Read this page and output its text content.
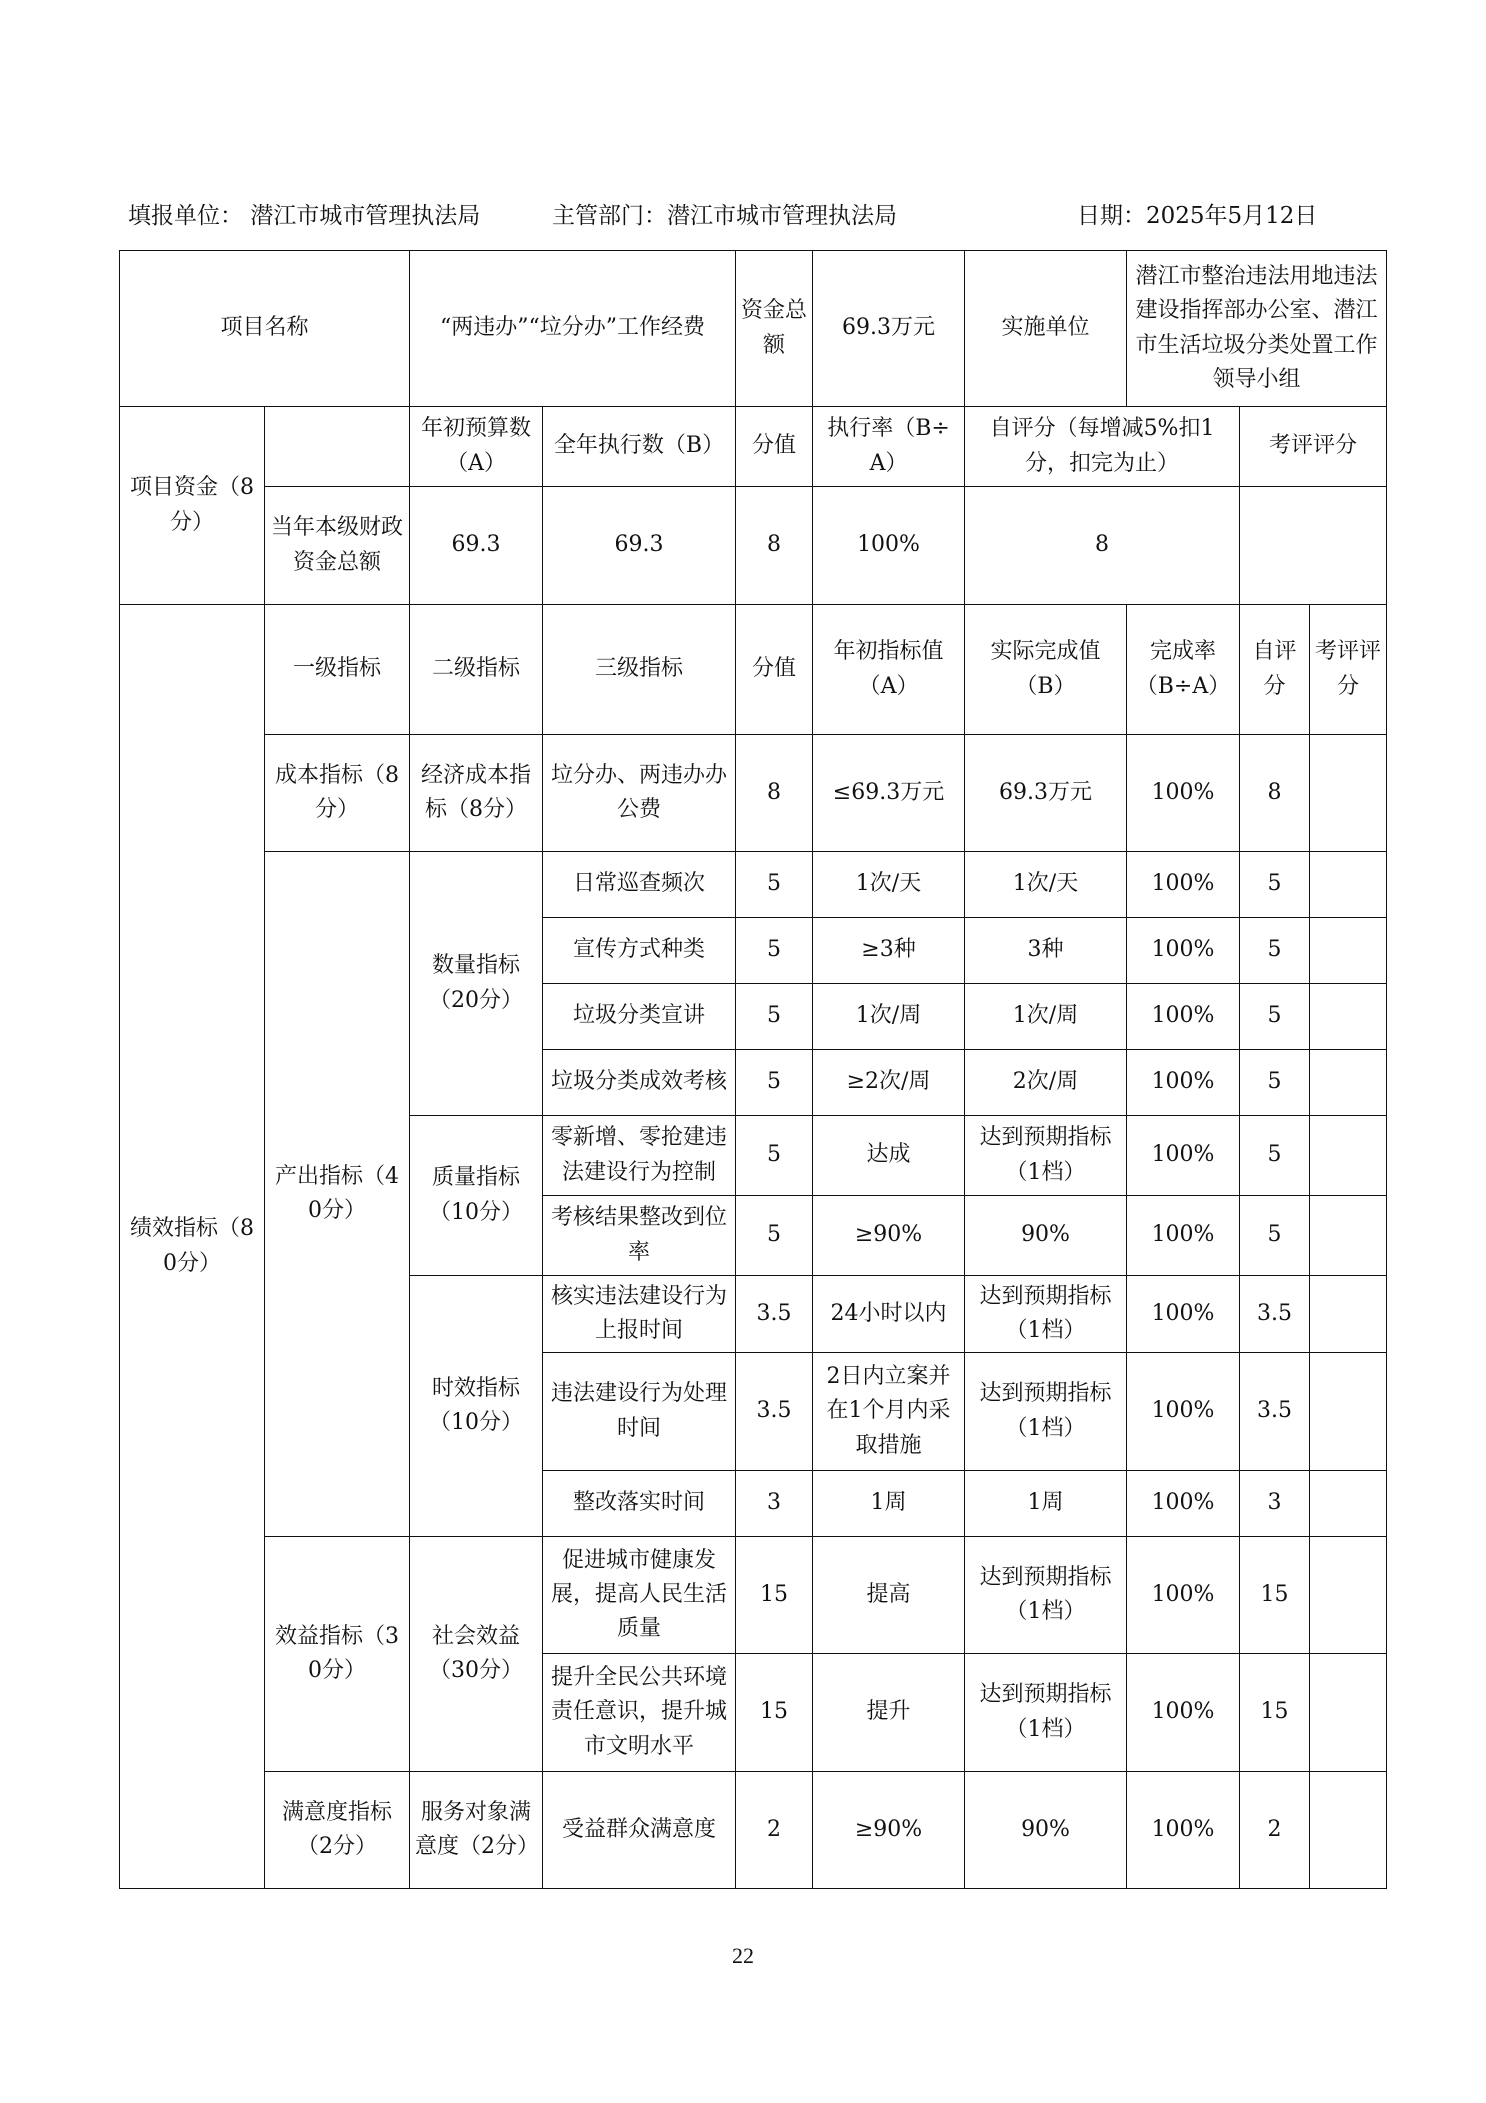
填报单位： 潜江市城市管理执法局	主管部门：潜江市城市管理执法局	日期：2025年5月12日
项目名称		“两违办”“垃分办”工作经费		资金总额	69.3万元	实施单位	潜江市整治违法用地违法建设指挥部办公室、潜江市生活垃圾分类处置工作领导小组		
项目资金（8分）		年初预算数（A）	全年执行数（B）	分值	执行率（B÷A）	自评分（每增减5%扣1分，扣完为止）		考评评分	
	当年本级财政资金总额	69.3	69.3	8	100%	8			
绩效指标（80分）	一级指标	二级指标	三级指标	分值	年初指标值（A）	实际完成值（B）	完成率（B÷A）	自评分	考评评分
	成本指标（8分）	经济成本指标（8分）	垃分办、两违办办公费	8	≤69.3万元	69.3万元	100%	8	
	产出指标（40分）	数量指标（20分）	日常巡查频次	5	1次/天	1次/天	100%	5	
			宣传方式种类	5	≥3种	3种	100%	5	
			垃圾分类宣讲	5	1次/周	1次/周	100%	5	
			垃圾分类成效考核	5	≥2次/周	2次/周	100%	5	
		质量指标（10分）	零新增、零抢建违法建设行为控制	5	达成	达到预期指标（1档）	100%	5	
			考核结果整改到位率	5	≥90%	90%	100%	5	
		时效指标（10分）	核实违法建设行为上报时间	3.5	24小时以内	达到预期指标（1档）	100%	3.5	
			违法建设行为处理时间	3.5	2日内立案并在1个月内采取措施	达到预期指标（1档）	100%	3.5	
			整改落实时间	3	1周	1周	100%	3	
	效益指标（30分）	社会效益（30分）	促进城市健康发展，提高人民生活质量	15	提高	达到预期指标（1档）	100%	15	
			提升全民公共环境责任意识，提升城市文明水平	15	提升	达到预期指标（1档）	100%	15	
	满意度指标（2分）	服务对象满意度（2分）	受益群众满意度	2	≥90%	90%	100%	2	
22
